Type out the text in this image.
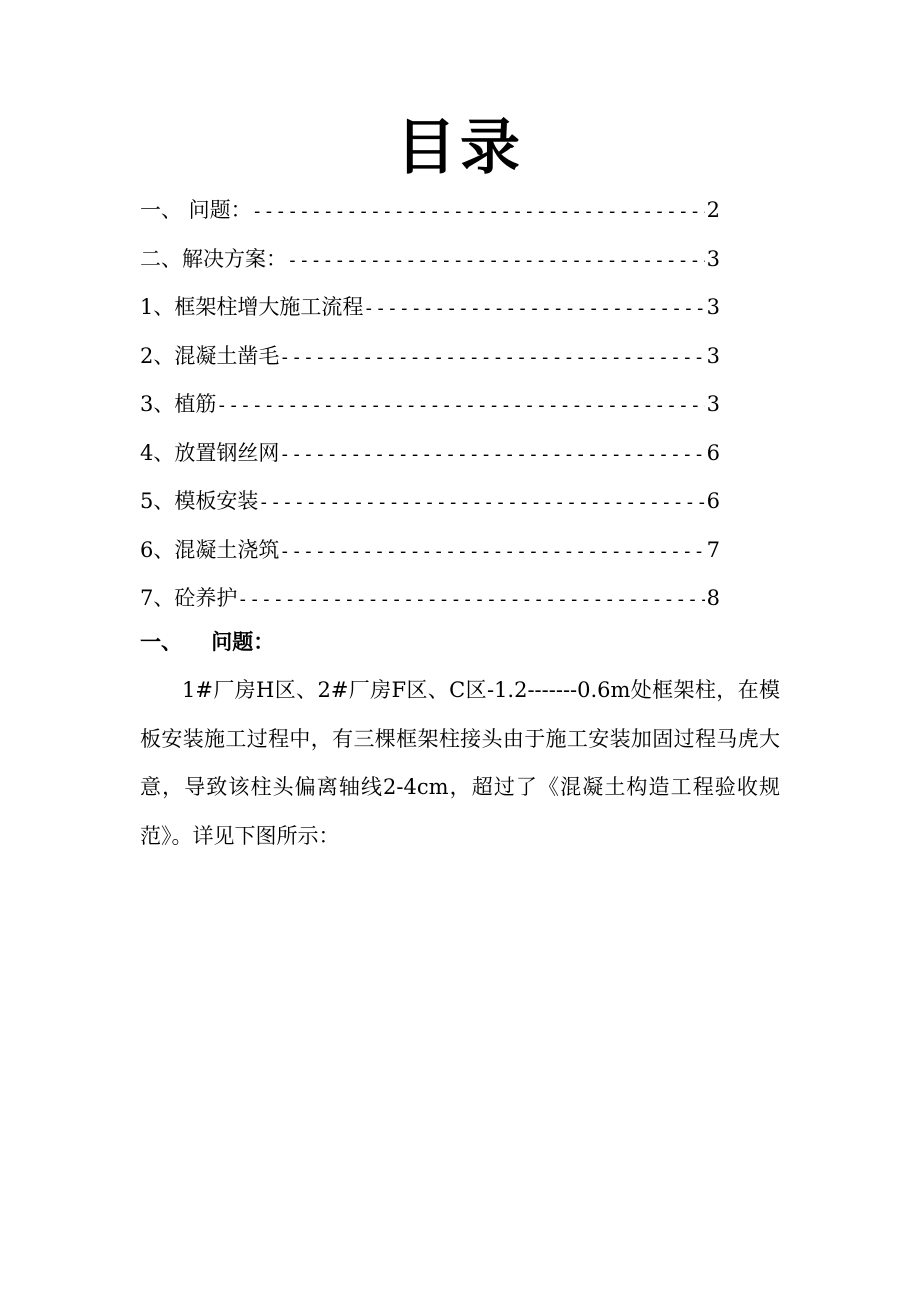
目录
一、 问题： -----	2
二、解决方案： -----	3
1、框架柱增大施工流程 -----	3
2、混凝土凿毛 -----	3
3、植筋 -----	3
4、放置钢丝网 -----	6
5、模板安装 -----	6
6、混凝土浇筑 -----	7
7、砼养护 -----	8
一、    问题：

1#厂房H区、2#厂房F区、C区-1.2-------0.6m处框架柱，在模板安装施工过程中，有三棵框架柱接头由于施工安装加固过程马虎大意，导致该柱头偏离轴线2-4cm，超过了《混凝土构造工程验收规范》。详见下图所示：
